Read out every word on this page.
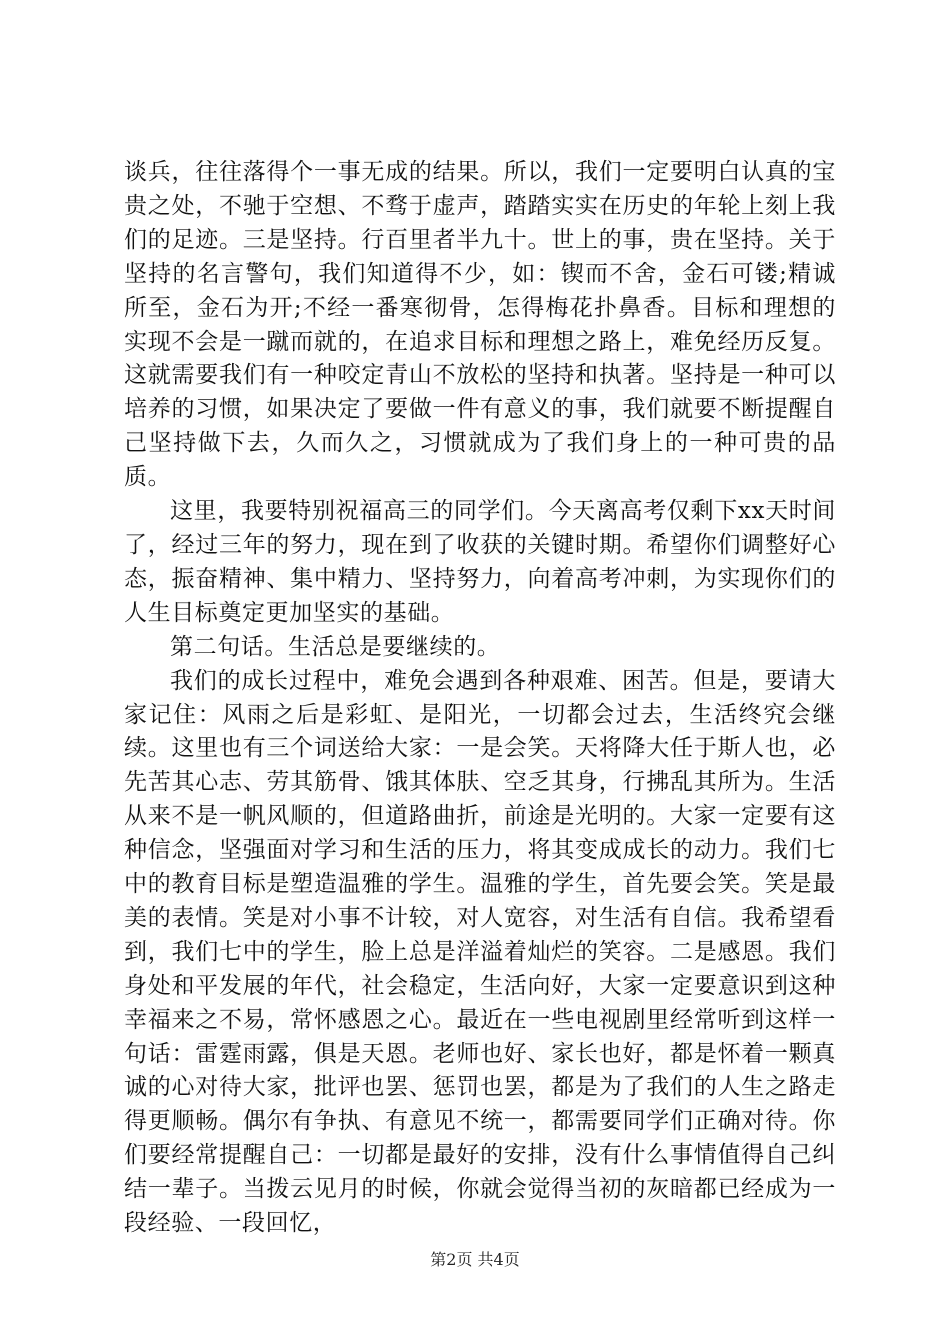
谈兵，往往落得个一事无成的结果。所以，我们一定要明白认真的宝贵之处，不驰于空想、不骛于虚声，踏踏实实在历史的年轮上刻上我们的足迹。三是坚持。行百里者半九十。世上的事，贵在坚持。关于坚持的名言警句，我们知道得不少，如：锲而不舍，金石可镂;精诚所至，金石为开;不经一番寒彻骨，怎得梅花扑鼻香。目标和理想的实现不会是一蹴而就的，在追求目标和理想之路上，难免经历反复。这就需要我们有一种咬定青山不放松的坚持和执著。坚持是一种可以培养的习惯，如果决定了要做一件有意义的事，我们就要不断提醒自己坚持做下去，久而久之，习惯就成为了我们身上的一种可贵的品质。

这里，我要特别祝福高三的同学们。今天离高考仅剩下xx天时间了，经过三年的努力，现在到了收获的关键时期。希望你们调整好心态，振奋精神、集中精力、坚持努力，向着高考冲刺，为实现你们的人生目标奠定更加坚实的基础。

第二句话。生活总是要继续的。

我们的成长过程中，难免会遇到各种艰难、困苦。但是，要请大家记住：风雨之后是彩虹、是阳光，一切都会过去，生活终究会继续。这里也有三个词送给大家：一是会笑。天将降大任于斯人也，必先苦其心志、劳其筋骨、饿其体肤、空乏其身，行拂乱其所为。生活从来不是一帆风顺的，但道路曲折，前途是光明的。大家一定要有这种信念，坚强面对学习和生活的压力，将其变成成长的动力。我们七中的教育目标是塑造温雅的学生。温雅的学生，首先要会笑。笑是最美的表情。笑是对小事不计较，对人宽容，对生活有自信。我希望看到，我们七中的学生，脸上总是洋溢着灿烂的笑容。二是感恩。我们身处和平发展的年代，社会稳定，生活向好，大家一定要意识到这种幸福来之不易，常怀感恩之心。最近在一些电视剧里经常听到这样一句话：雷霆雨露，俱是天恩。老师也好、家长也好，都是怀着一颗真诚的心对待大家，批评也罢、惩罚也罢，都是为了我们的人生之路走得更顺畅。偶尔有争执、有意见不统一，都需要同学们正确对待。你们要经常提醒自己：一切都是最好的安排，没有什么事情值得自己纠结一辈子。当拨云见月的时候，你就会觉得当初的灰暗都已经成为一段经验、一段回忆，

第2页 共4页
